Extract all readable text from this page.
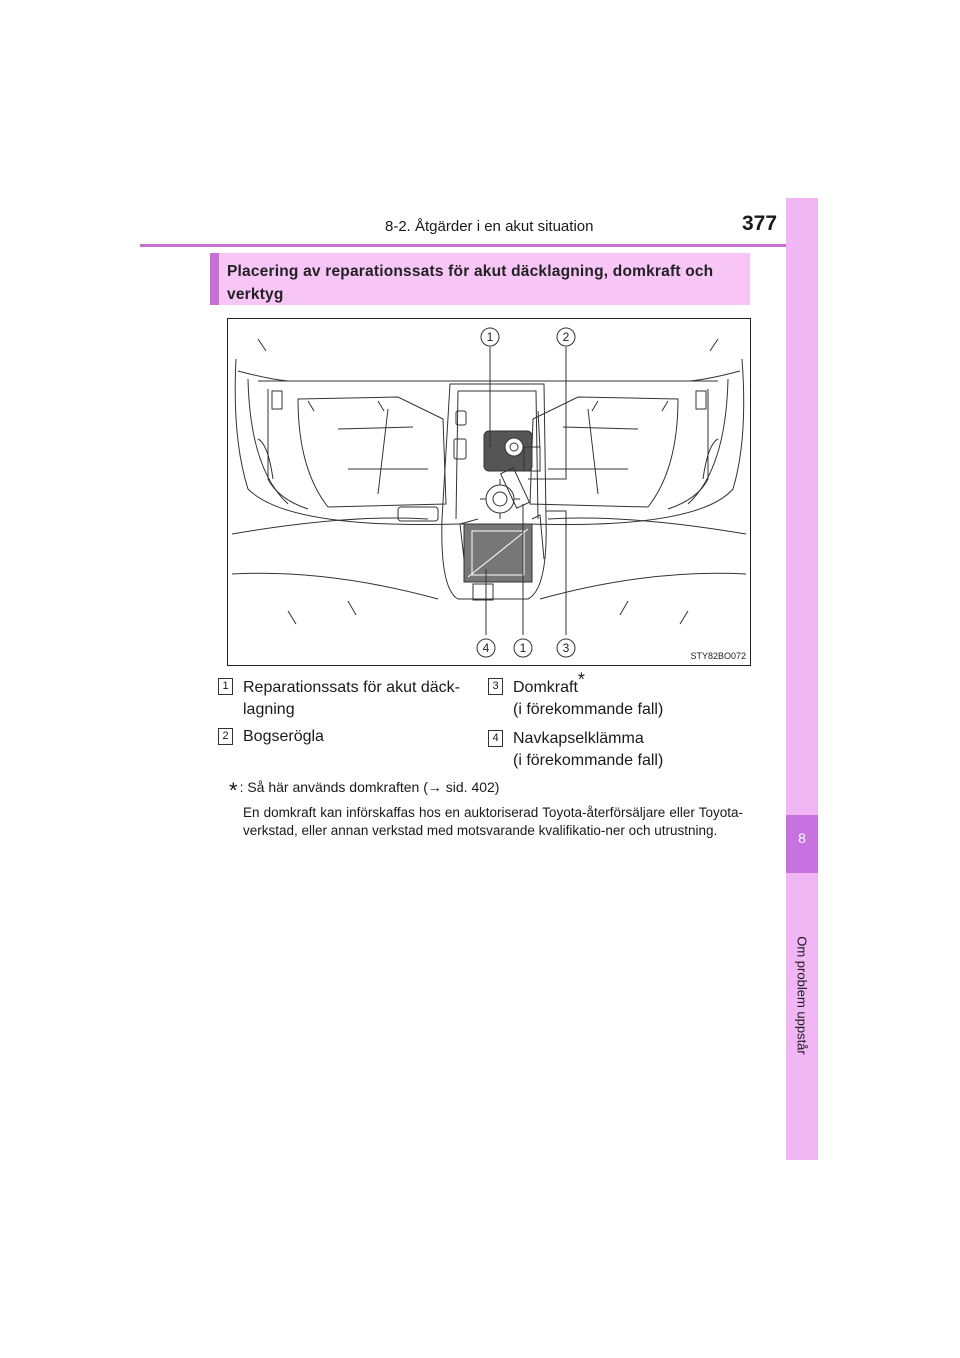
8-2. Åtgärder i en akut situation	377
8
Om problem uppstår
Placering av reparationssats för akut däcklagning, domkraft och verktyg
1	2
4	1	3
STY82BO072
1 Reparationssats för akut däck-
lagning
2 Bogserögla
3 Domkraft*
(i förekommande fall)
4 Navkapselklämma
(i förekommande fall)
* : Så här används domkraften (→ sid. 402)
En domkraft kan införskaffas hos en auktoriserad Toyota-återförsäljare eller Toyota-verkstad, eller annan verkstad med motsvarande kvalifikatio-ner och utrustning.
